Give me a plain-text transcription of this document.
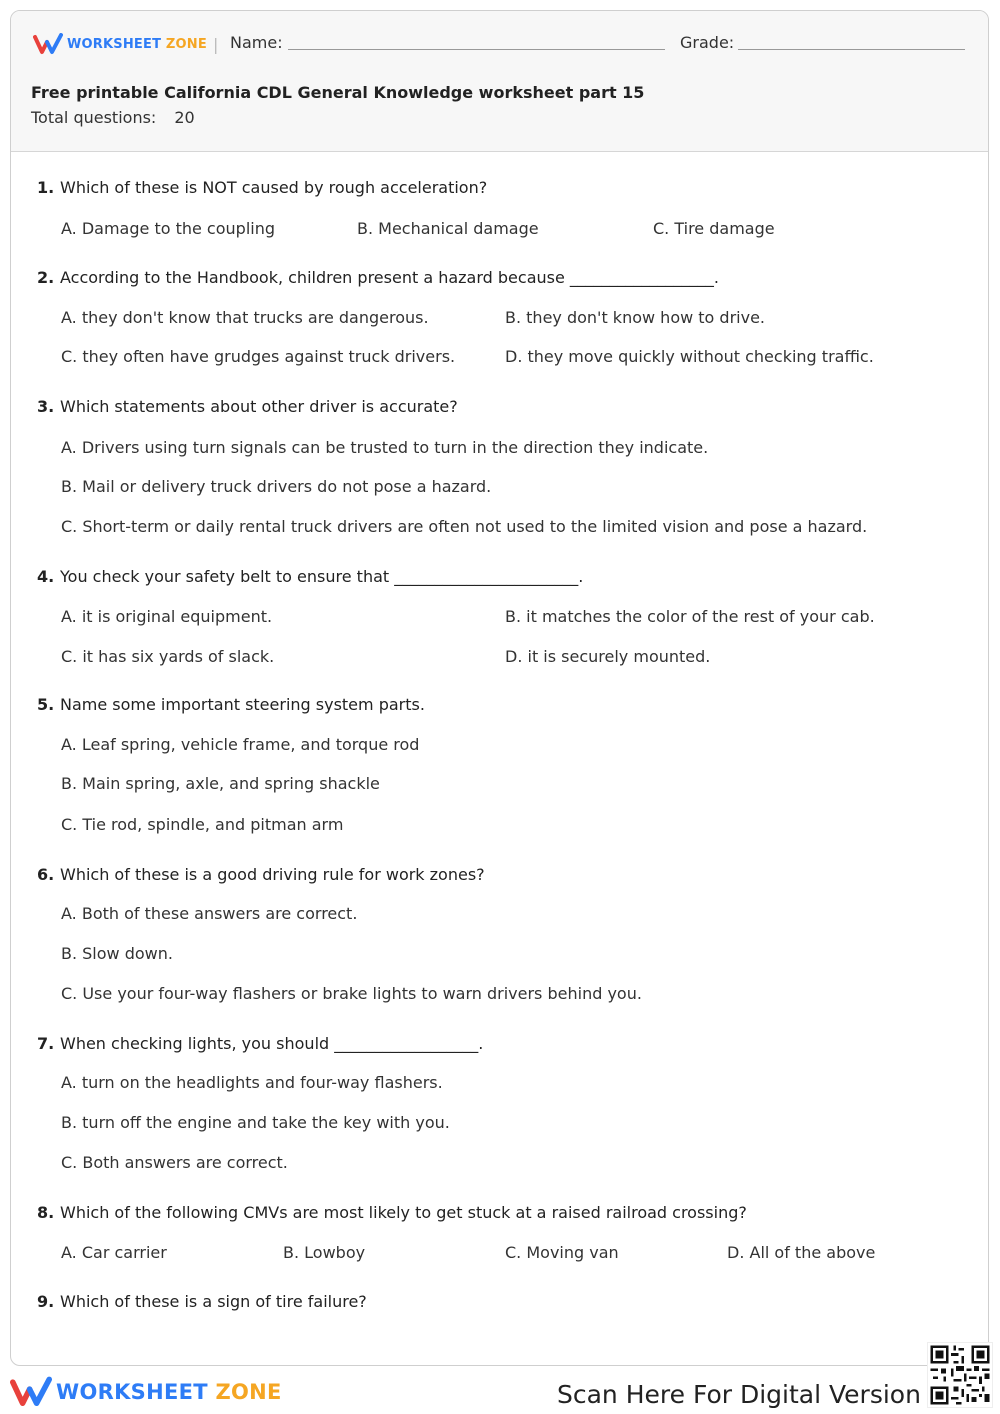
WORKSHEET ZONE | Name:	Grade:
Free printable California CDL General Knowledge worksheet part 15
Total questions: 20
1. Which of these is NOT caused by rough acceleration?
A. Damage to the coupling	B. Mechanical damage	C. Tire damage
2. According to the Handbook, children present a hazard because __________________.
A. they don't know that trucks are dangerous.	B. they don't know how to drive.
C. they often have grudges against truck drivers.	D. they move quickly without checking traffic.
3. Which statements about other driver is accurate?
A. Drivers using turn signals can be trusted to turn in the direction they indicate.
B. Mail or delivery truck drivers do not pose a hazard.
C. Short-term or daily rental truck drivers are often not used to the limited vision and pose a hazard.
4. You check your safety belt to ensure that _______________________.
A. it is original equipment.	B. it matches the color of the rest of your cab.
C. it has six yards of slack.	D. it is securely mounted.
5. Name some important steering system parts.
A. Leaf spring, vehicle frame, and torque rod
B. Main spring, axle, and spring shackle
C. Tie rod, spindle, and pitman arm
6. Which of these is a good driving rule for work zones?
A. Both of these answers are correct.
B. Slow down.
C. Use your four-way flashers or brake lights to warn drivers behind you.
7. When checking lights, you should __________________.
A. turn on the headlights and four-way flashers.
B. turn off the engine and take the key with you.
C. Both answers are correct.
8. Which of the following CMVs are most likely to get stuck at a raised railroad crossing?
A. Car carrier	B. Lowboy	C. Moving van	D. All of the above
9. Which of these is a sign of tire failure?
WORKSHEET ZONE	Scan Here For Digital Version
